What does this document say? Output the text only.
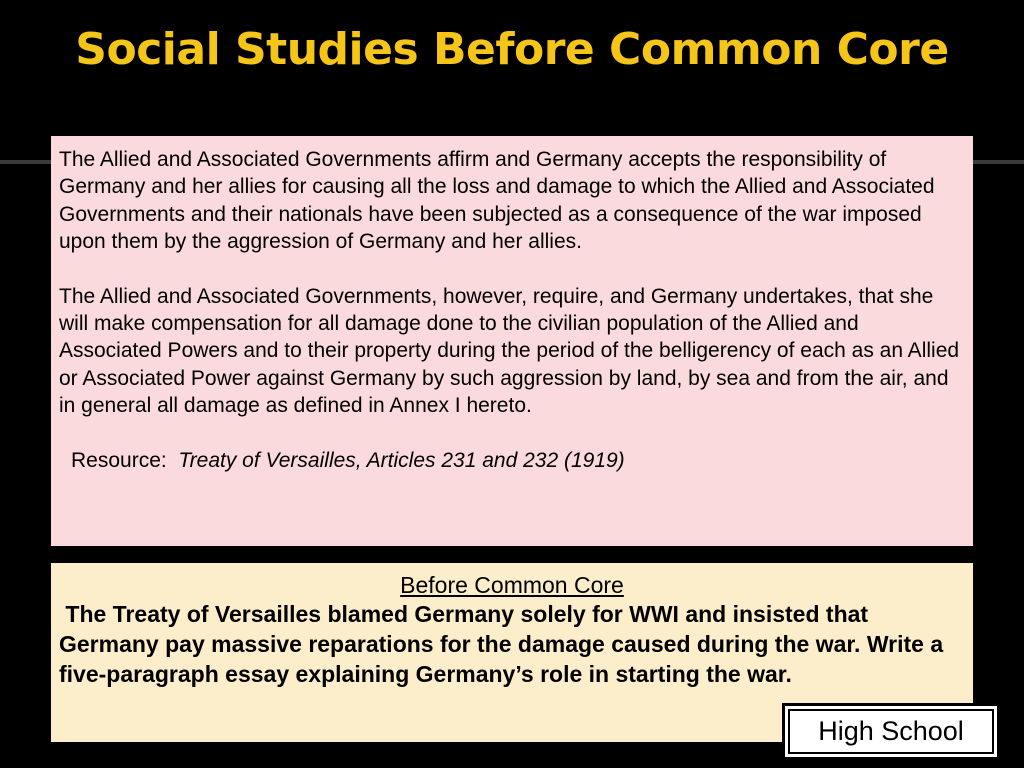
Social Studies Before Common Core

The Allied and Associated Governments affirm and Germany accepts the responsibility of Germany and her allies for causing all the loss and damage to which the Allied and Associated Governments and their nationals have been subjected as a consequence of the war imposed upon them by the aggression of Germany and her allies.

The Allied and Associated Governments, however, require, and Germany undertakes, that she will make compensation for all damage done to the civilian population of the Allied and Associated Powers and to their property during the period of the belligerency of each as an Allied or Associated Power against Germany by such aggression by land, by sea and from the air, and in general all damage as defined in Annex I hereto.

Resource: Treaty of Versailles, Articles 231 and 232 (1919)

Before Common Core
The Treaty of Versailles blamed Germany solely for WWI and insisted that Germany pay massive reparations for the damage caused during the war. Write a five-paragraph essay explaining Germany’s role in starting the war.
High School
